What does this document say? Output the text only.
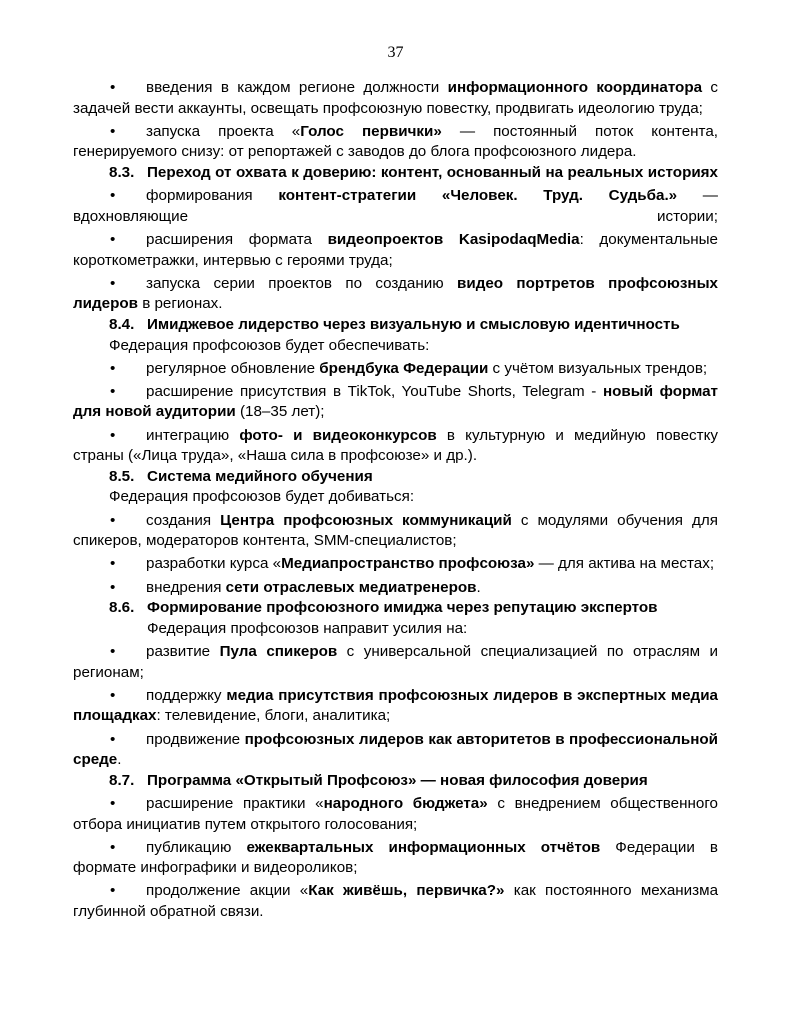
37
• введения в каждом регионе должности информационного координатора с задачей вести аккаунты, освещать профсоюзную повестку, продвигать идеологию труда;
• запуска проекта «Голос первички» — постоянный поток контента, генерируемого снизу: от репортажей с заводов до блога профсоюзного лидера.
8.3. Переход от охвата к доверию: контент, основанный на реальных историях
• формирования контент-стратегии «Человек. Труд. Судьба.» — вдохновляющие истории;
• расширения формата видеопроектов KasipodaqMedia: документальные короткометражки, интервью с героями труда;
• запуска серии проектов по созданию видео портретов профсоюзных лидеров в регионах.
8.4. Имиджевое лидерство через визуальную и смысловую идентичность
Федерация профсоюзов будет обеспечивать:
• регулярное обновление брендбука Федерации с учётом визуальных трендов;
• расширение присутствия в TikTok, YouTube Shorts, Telegram - новый формат для новой аудитории (18–35 лет);
• интеграцию фото- и видеоконкурсов в культурную и медийную повестку страны («Лица труда», «Наша сила в профсоюзе» и др.).
8.5. Система медийного обучения
Федерация профсоюзов будет добиваться:
• создания Центра профсоюзных коммуникаций с модулями обучения для спикеров, модераторов контента, SMM-специалистов;
• разработки курса «Медиапространство профсоюза» — для актива на местах;
• внедрения сети отраслевых медиатренеров.
8.6. Формирование профсоюзного имиджа через репутацию экспертов
Федерация профсоюзов направит усилия на:
• развитие Пула спикеров с универсальной специализацией по отраслям и регионам;
• поддержку медиа присутствия профсоюзных лидеров в экспертных медиа площадках: телевидение, блоги, аналитика;
• продвижение профсоюзных лидеров как авторитетов в профессиональной среде.
8.7. Программа «Открытый Профсоюз» — новая философия доверия
• расширение практики «народного бюджета» с внедрением общественного отбора инициатив путем открытого голосования;
• публикацию ежеквартальных информационных отчётов Федерации в формате инфографики и видеороликов;
• продолжение акции «Как живёшь, первичка?» как постоянного механизма глубинной обратной связи.
